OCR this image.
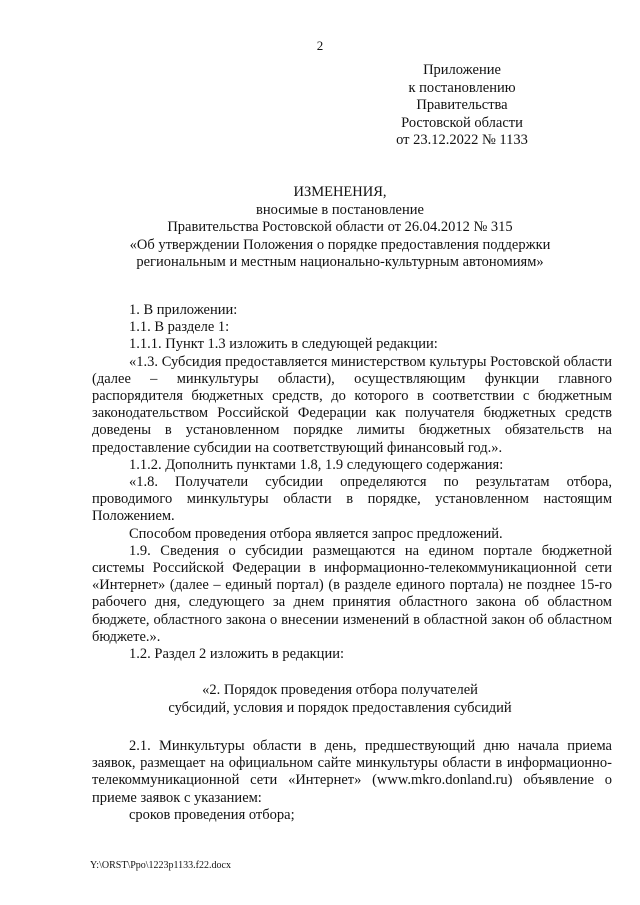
2
Приложение
к постановлению
Правительства
Ростовской области
от 23.12.2022 № 1133
ИЗМЕНЕНИЯ,
вносимые в постановление
Правительства Ростовской области от 26.04.2012 № 315
«Об утверждении Положения о порядке предоставления поддержки
региональным и местным национально-культурным автономиям»

1. В приложении:

1.1. В разделе 1:

1.1.1. Пункт 1.3 изложить в следующей редакции:

«1.3. Субсидия предоставляется министерством культуры Ростовской области (далее – минкультуры области), осуществляющим функции главного распорядителя бюджетных средств, до которого в соответствии с бюджетным законодательством Российской Федерации как получателя бюджетных средств доведены в установленном порядке лимиты бюджетных обязательств на предоставление субсидии на соответствующий финансовый год.».

1.1.2. Дополнить пунктами 1.8, 1.9 следующего содержания:

«1.8. Получатели субсидии определяются по результатам отбора, проводимого минкультуры области в порядке, установленном настоящим Положением.

Способом проведения отбора является запрос предложений.

1.9. Сведения о субсидии размещаются на едином портале бюджетной системы Российской Федерации в информационно-телекоммуникационной сети «Интернет» (далее – единый портал) (в разделе единого портала) не позднее 15-го рабочего дня, следующего за днем принятия областного закона об областном бюджете, областного закона о внесении изменений в областной закон об областном бюджете.».

1.2. Раздел 2 изложить в редакции:

«2. Порядок проведения отбора получателей
субсидий, условия и порядок предоставления субсидий

2.1. Минкультуры области в день, предшествующий дню начала приема заявок, размещает на официальном сайте минкультуры области в информационно-телекоммуникационной сети «Интернет» (www.mkro.donland.ru) объявление о приеме заявок с указанием:

сроков проведения отбора;

Y:\ORST\Ppo\1223p1133.f22.docx
